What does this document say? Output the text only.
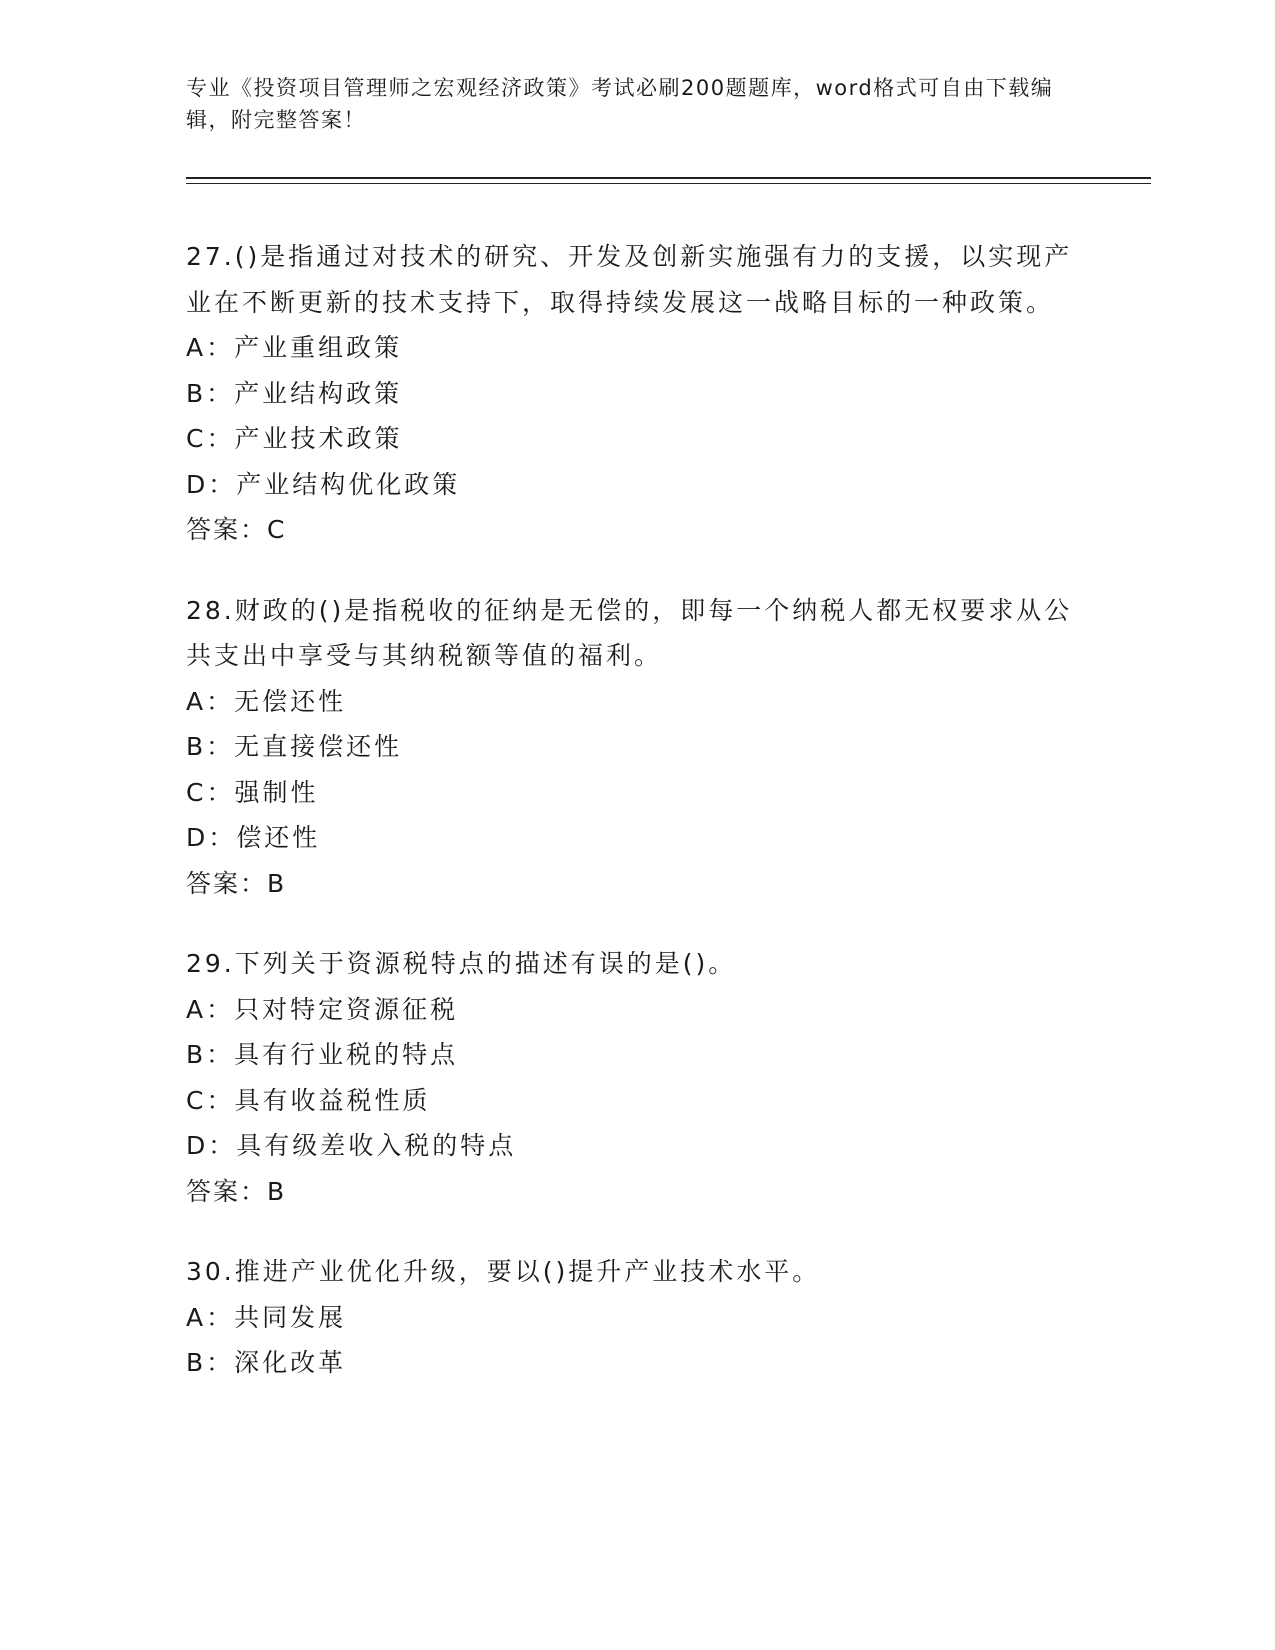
专业《投资项目管理师之宏观经济政策》考试必刷200题题库，word格式可自由下载编辑，附完整答案！
27.()是指通过对技术的研究、开发及创新实施强有力的支援，以实现产业在不断更新的技术支持下，取得持续发展这一战略目标的一种政策。
A：产业重组政策
B：产业结构政策
C：产业技术政策
D：产业结构优化政策
答案：C
28.财政的()是指税收的征纳是无偿的，即每一个纳税人都无权要求从公共支出中享受与其纳税额等值的福利。
A：无偿还性
B：无直接偿还性
C：强制性
D：偿还性
答案：B
29.下列关于资源税特点的描述有误的是()。
A：只对特定资源征税
B：具有行业税的特点
C：具有收益税性质
D：具有级差收入税的特点
答案：B
30.推进产业优化升级，要以()提升产业技术水平。
A：共同发展
B：深化改革
